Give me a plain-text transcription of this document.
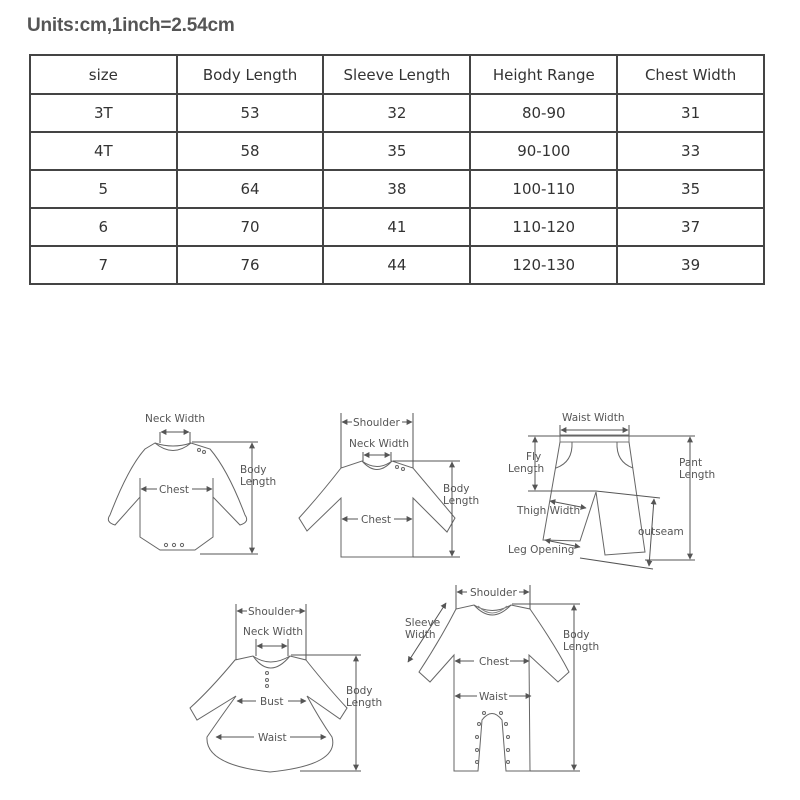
Units:cm,1inch=2.54cm
size	Body Length	Sleeve Length	Height Range	Chest Width
3T	53	32	80-90	31
4T	58	35	90-100	33
5	64	38	100-110	35
6	70	41	110-120	37
7	76	44	120-130	39
Neck Width
Chest
Body
Length
Shoulder
Neck Width
Chest
Body
Length
Waist Width
Fly
Length	Pant
Length
Thigh Width
outseam
Leg Opening
Shoulder
Neck Width
Bust
Waist
Body
Length
Shoulder
Sleeve
Width
Chest
Waist
Body
Length
